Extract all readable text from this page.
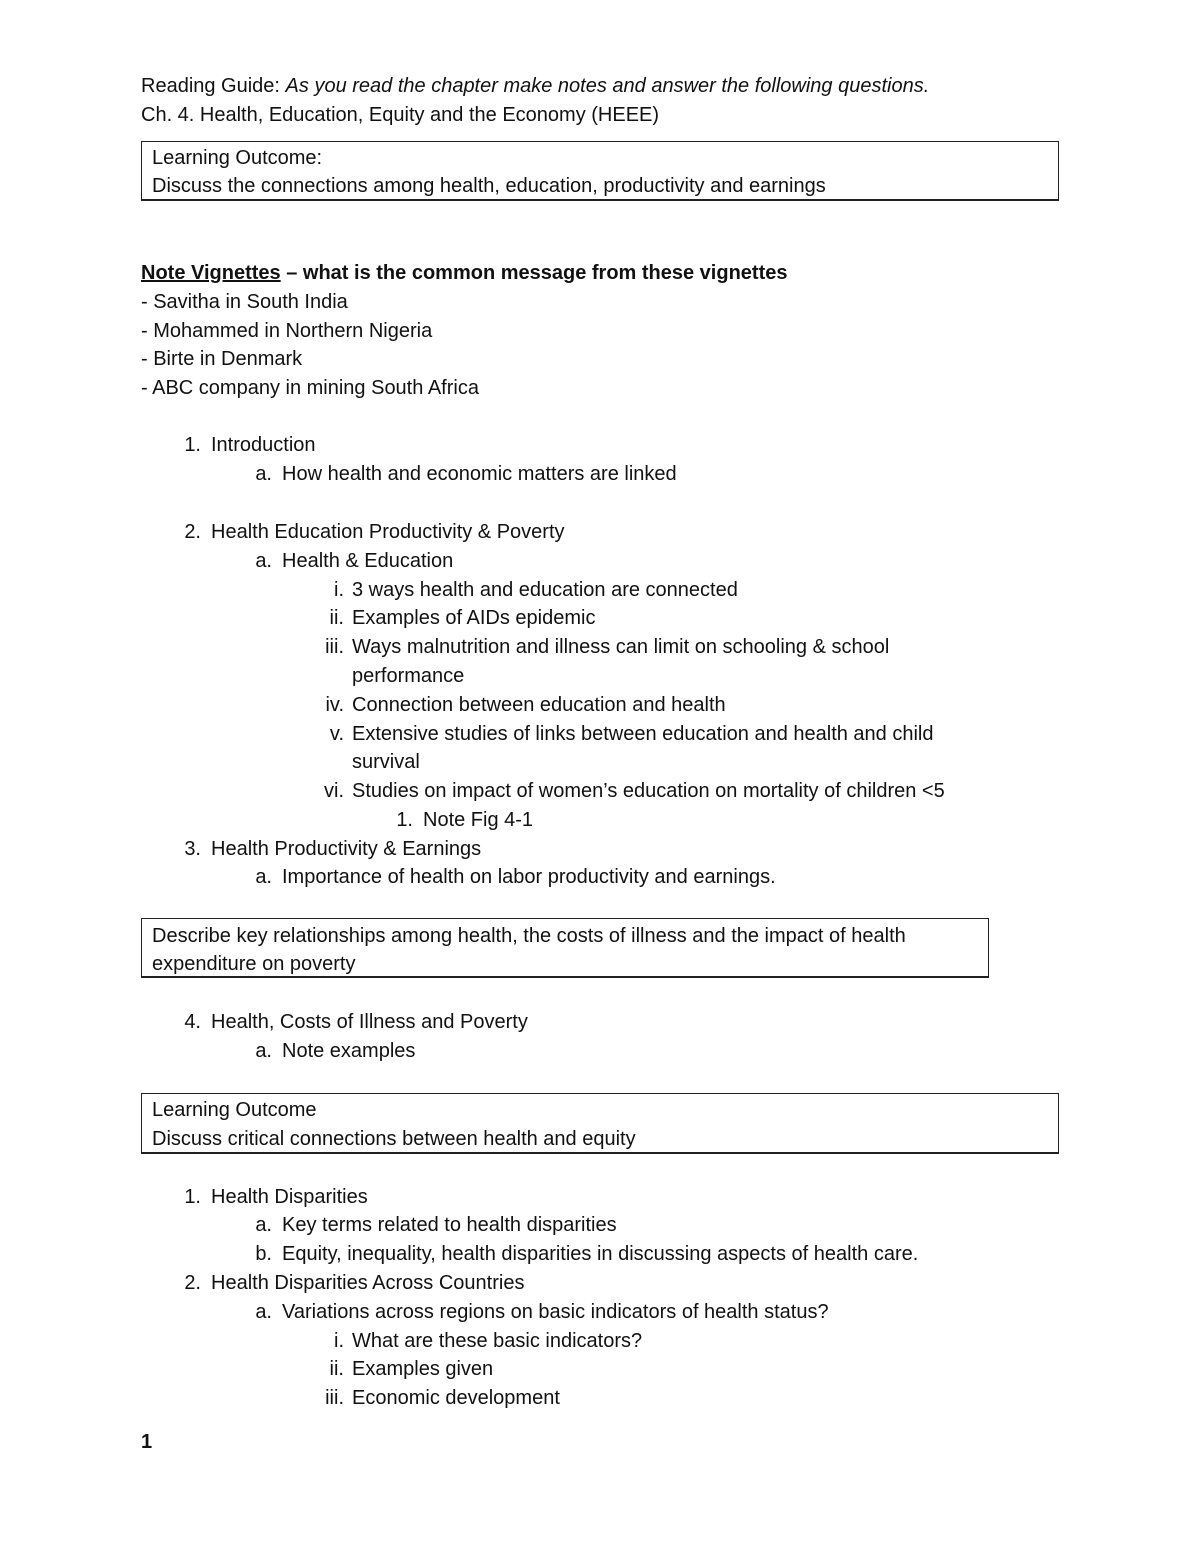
Reading Guide: As you read the chapter make notes and answer the following questions.
Ch. 4. Health, Education, Equity and the Economy (HEEE)
Learning Outcome:
Discuss the connections among health, education, productivity and earnings
Note Vignettes – what is the common message from these vignettes
- Savitha in South India
- Mohammed in Northern Nigeria
- Birte in Denmark
- ABC company in mining South Africa
1. Introduction
a. How health and economic matters are linked
2. Health Education Productivity & Poverty
a. Health & Education
i. 3 ways health and education are connected
ii. Examples of AIDs epidemic
iii. Ways malnutrition and illness can limit on schooling & school
performance
iv. Connection between education and health
v. Extensive studies of links between education and health and child
survival
vi. Studies on impact of women’s education on mortality of children <5
1. Note Fig 4-1
3. Health Productivity & Earnings
a. Importance of health on labor productivity and earnings.
Describe key relationships among health, the costs of illness and the impact of health
expenditure on poverty
4. Health, Costs of Illness and Poverty
a. Note examples
Learning Outcome
Discuss critical connections between health and equity
1. Health Disparities
a. Key terms related to health disparities
b. Equity, inequality, health disparities in discussing aspects of health care.
2. Health Disparities Across Countries
a. Variations across regions on basic indicators of health status?
i. What are these basic indicators?
ii. Examples given
iii. Economic development
1
